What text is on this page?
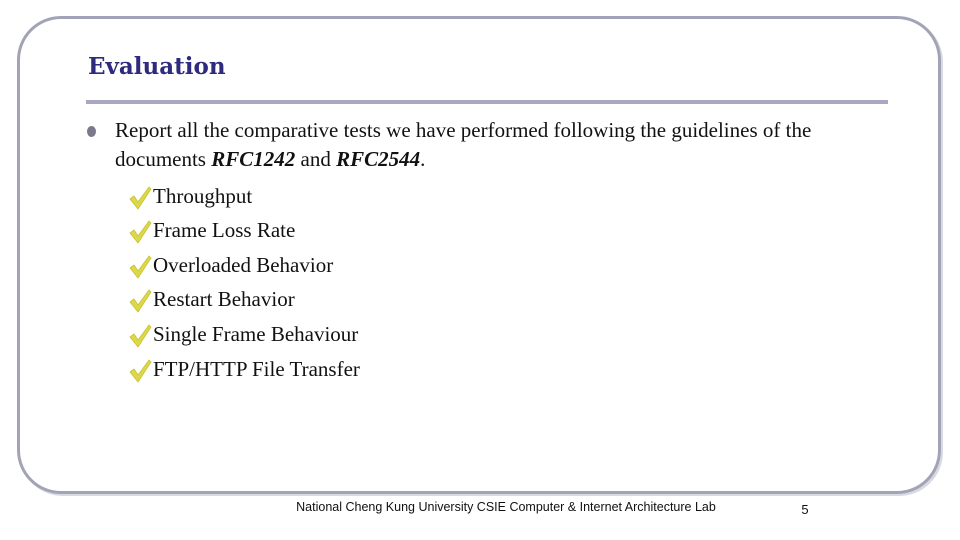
Evaluation

Report all the comparative tests we have performed following the guidelines of the documents RFC1242 and RFC2544.

Throughput
Frame Loss Rate
Overloaded Behavior
Restart Behavior
Single Frame Behaviour
FTP/HTTP File Transfer
National Cheng Kung University CSIE Computer & Internet Architecture Lab	5
